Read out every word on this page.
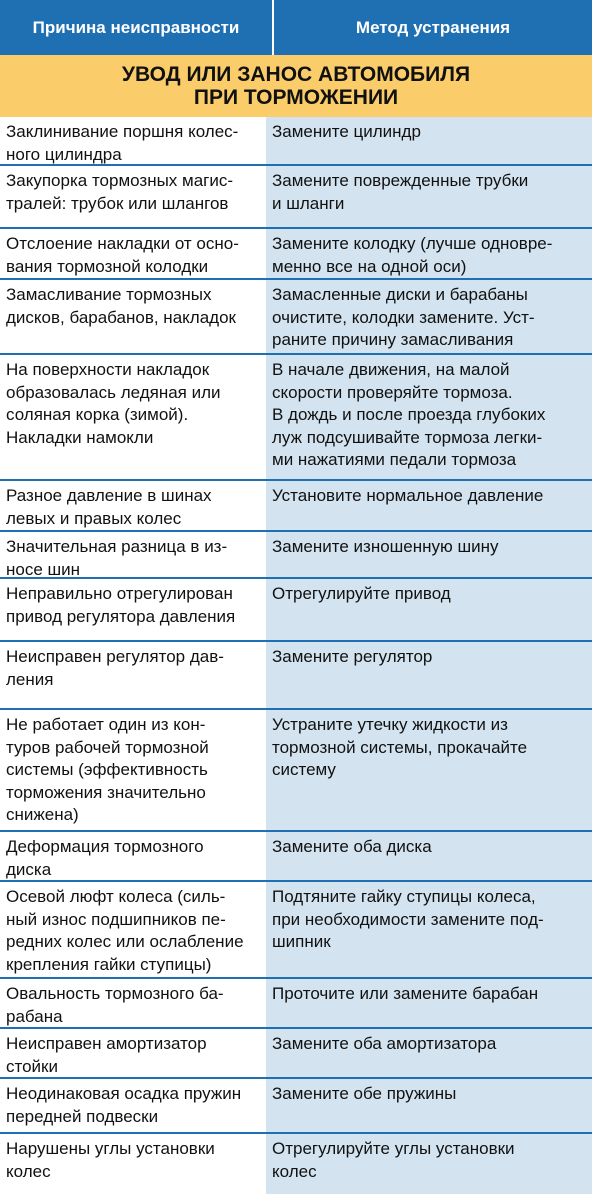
Причина неисправности	Метод устранения
УВОД ИЛИ ЗАНОС АВТОМОБИЛЯ
ПРИ ТОРМОЖЕНИИ
Заклинивание поршня колес-
ного цилиндра
Замените цилиндр
Закупорка тормозных магис-
тралей: трубок или шлангов
Замените поврежденные трубки
и шланги
Отслоение накладки от осно-
вания тормозной колодки
Замените колодку (лучше одновре-
менно все на одной оси)
Замасливание тормозных
дисков, барабанов, накладок
Замасленные диски и барабаны
очистите, колодки замените. Уст-
раните причину замасливания
На поверхности накладок
образовалась ледяная или
соляная корка (зимой).
Накладки намокли
В начале движения, на малой
скорости проверяйте тормоза.
В дождь и после проезда глубоких
луж подсушивайте тормоза легки-
ми нажатиями педали тормоза
Разное давление в шинах
левых и правых колес
Установите нормальное давление
Значительная разница в из-
носе шин
Замените изношенную шину
Неправильно отрегулирован
привод регулятора давления
Отрегулируйте привод
Неисправен регулятор дав-
ления
Замените регулятор
Не работает один из кон-
туров рабочей тормозной
системы (эффективность
торможения значительно
снижена)
Устраните утечку жидкости из
тормозной системы, прокачайте
систему
Деформация тормозного
диска
Замените оба диска
Осевой люфт колеса (силь-
ный износ подшипников пе-
редних колес или ослабление
крепления гайки ступицы)
Подтяните гайку ступицы колеса,
при необходимости замените под-
шипник
Овальность тормозного ба-
рабана
Проточите или замените барабан
Неисправен амортизатор
стойки
Замените оба амортизатора
Неодинаковая осадка пружин
передней подвески
Замените обе пружины
Нарушены углы установки
колес
Отрегулируйте углы установки
колес
